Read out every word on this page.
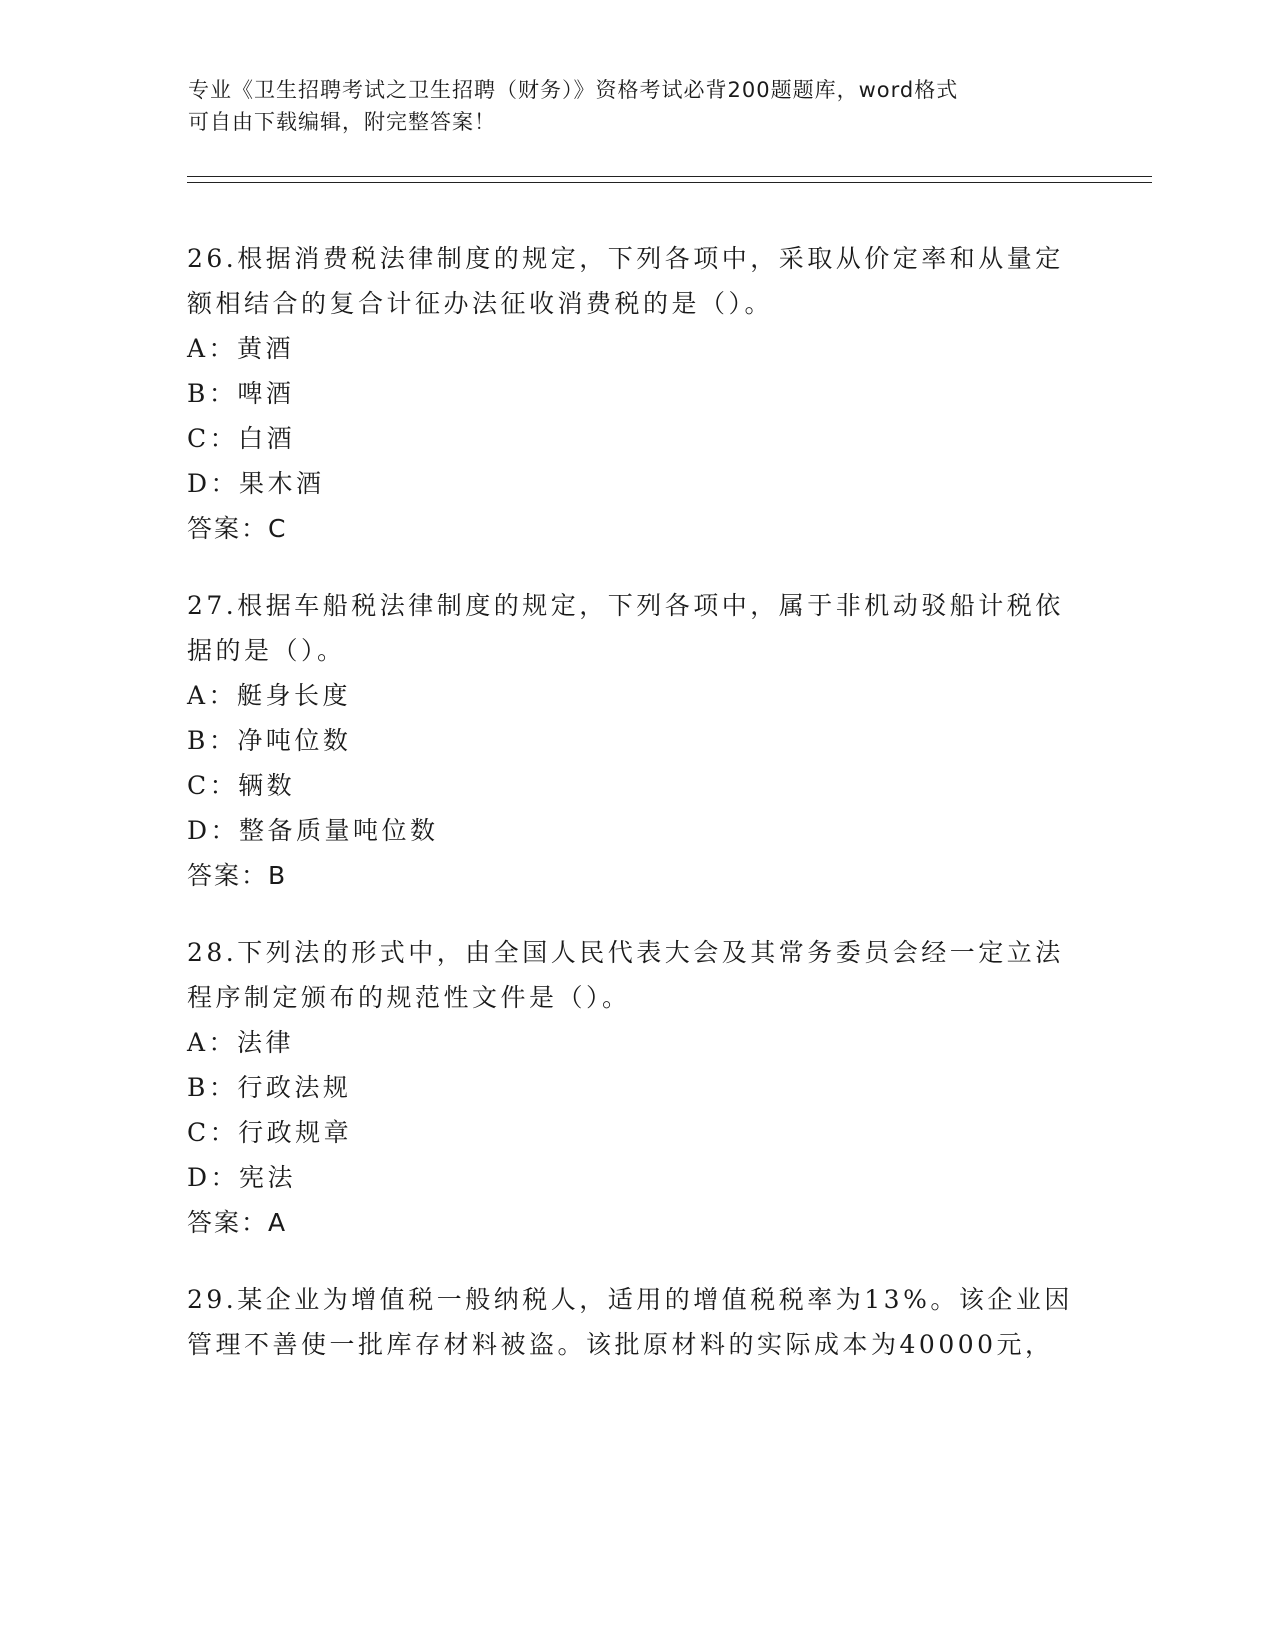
专业《卫生招聘考试之卫生招聘（财务）》资格考试必背200题题库，word格式
可自由下载编辑，附完整答案！
26.根据消费税法律制度的规定，下列各项中，采取从价定率和从量定
额相结合的复合计征办法征收消费税的是（）。
A：黄酒
B：啤酒
C：白酒
D：果木酒
答案：C
27.根据车船税法律制度的规定，下列各项中，属于非机动驳船计税依
据的是（）。
A：艇身长度
B：净吨位数
C：辆数
D：整备质量吨位数
答案：B
28.下列法的形式中，由全国人民代表大会及其常务委员会经一定立法
程序制定颁布的规范性文件是（）。
A：法律
B：行政法规
C：行政规章
D：宪法
答案：A
29.某企业为增值税一般纳税人，适用的增值税税率为13%。该企业因
管理不善使一批库存材料被盗。该批原材料的实际成本为40000元，
